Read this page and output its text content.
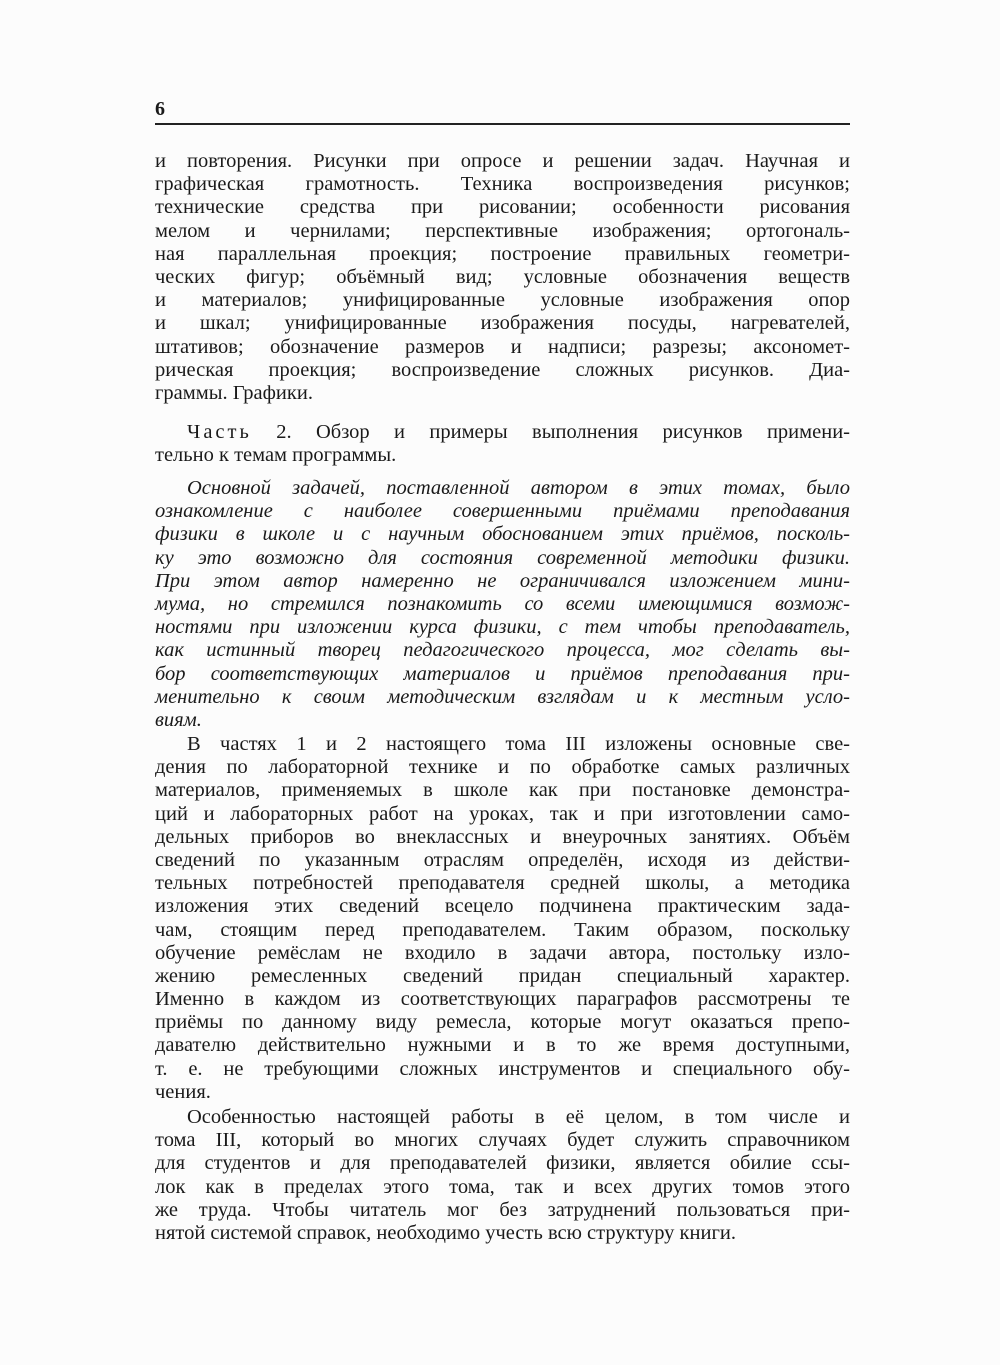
6
и повторения. Рисунки при опросе и решении задач. Научная и
графическая грамотность. Техника воспроизведения рисунков;
технические средства при рисовании; особенности рисования
мелом и чернилами; перспективные изображения; ортогональ-
ная параллельная проекция; построение правильных геометри-
ческих фигур; объёмный вид; условные обозначения веществ
и материалов; унифицированные условные изображения опор
и шкал; унифицированные изображения посуды, нагревателей,
штативов; обозначение размеров и надписи; разрезы; аксономет-
рическая проекция; воспроизведение сложных рисунков. Диа-
граммы. Графики.
Часть 2. Обзор и примеры выполнения рисунков примени-
тельно к темам программы.
Основной задачей, поставленной автором в этих томах, было
ознакомление с наиболее совершенными приёмами преподавания
физики в школе и с научным обоснованием этих приёмов, посколь-
ку это возможно для состояния современной методики физики.
При этом автор намеренно не ограничивался изложением мини-
мума, но стремился познакомить со всеми имеющимися возмож-
ностями при изложении курса физики, с тем чтобы преподаватель,
как истинный творец педагогического процесса, мог сделать вы-
бор соответствующих материалов и приёмов преподавания при-
менительно к своим методическим взглядам и к местным усло-
виям.
В частях 1 и 2 настоящего тома III изложены основные све-
дения по лабораторной технике и по обработке самых различных
материалов, применяемых в школе как при постановке демонстра-
ций и лабораторных работ на уроках, так и при изготовлении само-
дельных приборов во внеклассных и внеурочных занятиях. Объём
сведений по указанным отраслям определён, исходя из действи-
тельных потребностей преподавателя средней школы, а методика
изложения этих сведений всецело подчинена практическим зада-
чам, стоящим перед преподавателем. Таким образом, поскольку
обучение ремёслам не входило в задачи автора, постольку изло-
жению ремесленных сведений придан специальный характер.
Именно в каждом из соответствующих параграфов рассмотрены те
приёмы по данному виду ремесла, которые могут оказаться препо-
давателю действительно нужными и в то же время доступными,
т. е. не требующими сложных инструментов и специального обу-
чения.
Особенностью настоящей работы в её целом, в том числе и
тома III, который во многих случаях будет служить справочником
для студентов и для преподавателей физики, является обилие ссы-
лок как в пределах этого тома, так и всех других томов этого
же труда. Чтобы читатель мог без затруднений пользоваться при-
нятой системой справок, необходимо учесть всю структуру книги.
